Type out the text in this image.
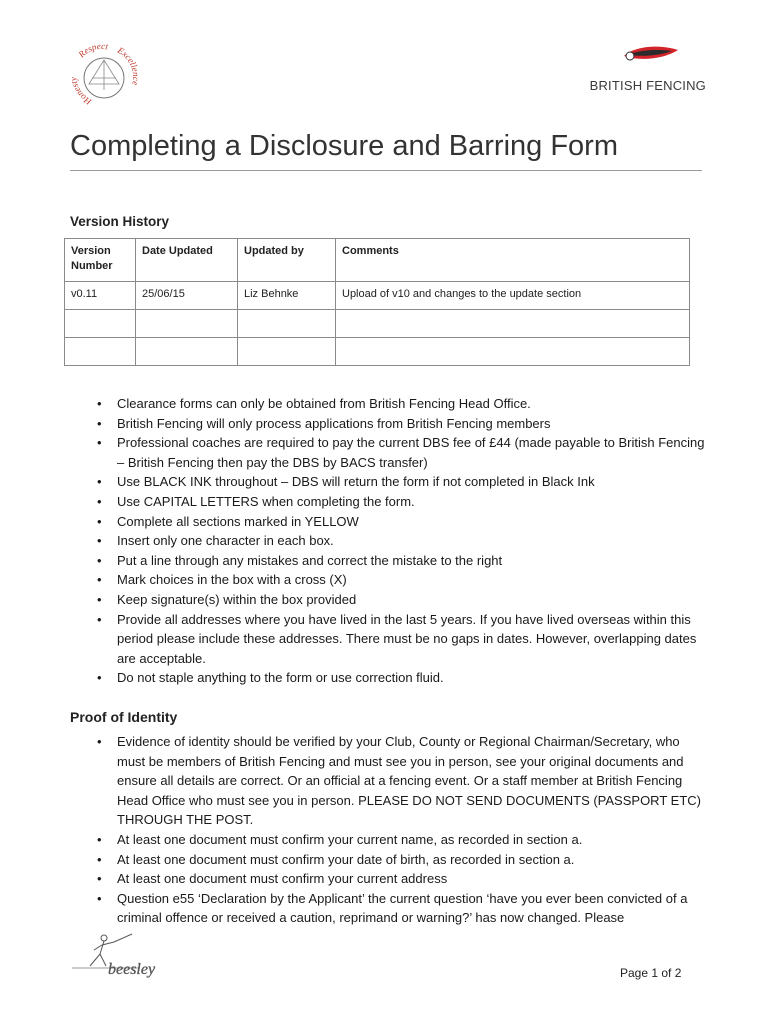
Honesty
Respect Excellence	BRITISH FENCING
Completing a Disclosure and Barring Form
Version History
Version Number	Date Updated	Updated by	Comments
v0.11	25/06/15	Liz Behnke	Upload of v10 and changes to the update section

• Clearance forms can only be obtained from British Fencing Head Office.
• British Fencing will only process applications from British Fencing members
• Professional coaches are required to pay the current DBS fee of £44 (made payable to British Fencing – British Fencing then pay the DBS by BACS transfer)
• Use BLACK INK throughout – DBS will return the form if not completed in Black Ink
• Use CAPITAL LETTERS when completing the form.
• Complete all sections marked in YELLOW
• Insert only one character in each box.
• Put a line through any mistakes and correct the mistake to the right
• Mark choices in the box with a cross (X)
• Keep signature(s) within the box provided
• Provide all addresses where you have lived in the last 5 years. If you have lived overseas within this period please include these addresses. There must be no gaps in dates. However, overlapping dates are acceptable.
• Do not staple anything to the form or use correction fluid.
Proof of Identity
• Evidence of identity should be verified by your Club, County or Regional Chairman/Secretary, who must be members of British Fencing and must see you in person, see your original documents and ensure all details are correct. Or an official at a fencing event. Or a staff member at British Fencing Head Office who must see you in person. PLEASE DO NOT SEND DOCUMENTS (PASSPORT ETC) THROUGH THE POST.
• At least one document must confirm your current name, as recorded in section a.
• At least one document must confirm your date of birth, as recorded in section a.
• At least one document must confirm your current address
• Question e55 ‘Declaration by the Applicant’ the current question ‘have you ever been convicted of a criminal offence or received a caution, reprimand or warning?’ has now changed. Please
beesley	Page 1 of 2
